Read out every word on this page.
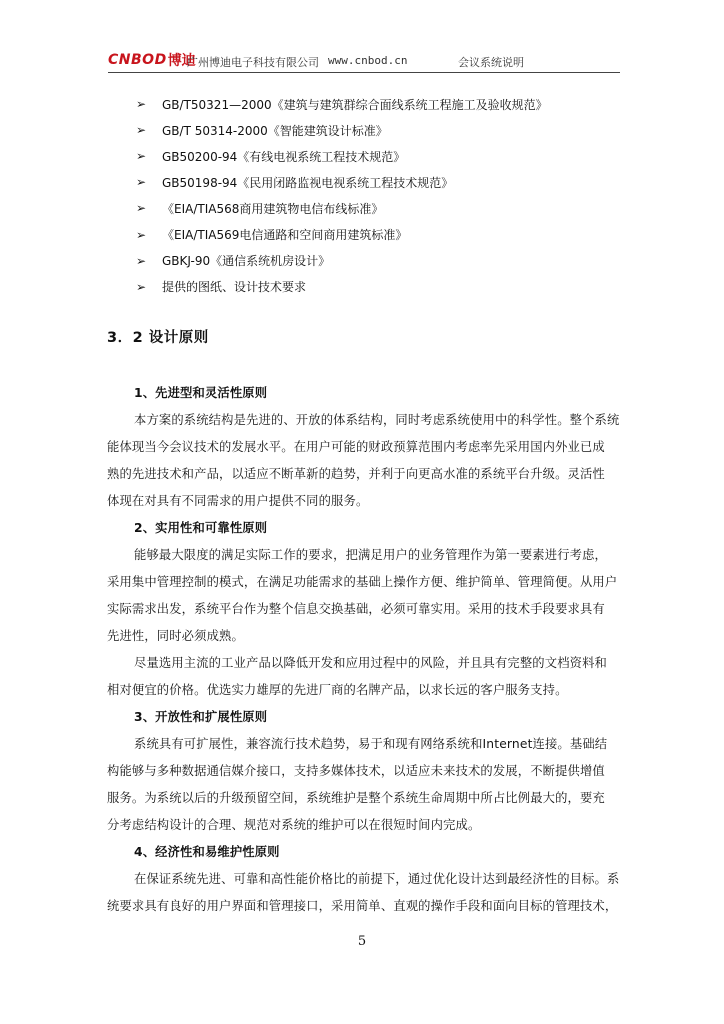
CNBOD 博迪
广州博迪电子科技有限公司 www.cnbod.cn	会议系统说明
➢	GB/T50321—2000《建筑与建筑群综合面线系统工程施工及验收规范》
➢	GB/T 50314-2000《智能建筑设计标准》
➢	GB50200-94《有线电视系统工程技术规范》
➢	GB50198-94《民用闭路监视电视系统工程技术规范》
➢	《EIA/TIA568商用建筑物电信布线标准》
➢	《EIA/TIA569电信通路和空间商用建筑标准》
➢	GBKJ-90《通信系统机房设计》
➢	提供的图纸、设计技术要求
3．2 设计原则
1、先进型和灵活性原则
本方案的系统结构是先进的、开放的体系结构，同时考虑系统使用中的科学性。整个系统
能体现当今会议技术的发展水平。在用户可能的财政预算范围内考虑率先采用国内外业已成
熟的先进技术和产品，以适应不断革新的趋势，并利于向更高水准的系统平台升级。灵活性
体现在对具有不同需求的用户提供不同的服务。
2、实用性和可靠性原则
能够最大限度的满足实际工作的要求，把满足用户的业务管理作为第一要素进行考虑，
采用集中管理控制的模式，在满足功能需求的基础上操作方便、维护简单、管理简便。从用户
实际需求出发，系统平台作为整个信息交换基础，必须可靠实用。采用的技术手段要求具有
先进性，同时必须成熟。
尽量选用主流的工业产品以降低开发和应用过程中的风险，并且具有完整的文档资料和
相对便宜的价格。优选实力雄厚的先进厂商的名牌产品，以求长远的客户服务支持。
3、开放性和扩展性原则
系统具有可扩展性，兼容流行技术趋势，易于和现有网络系统和Internet连接。基础结
构能够与多种数据通信媒介接口，支持多媒体技术，以适应未来技术的发展，不断提供增值
服务。为系统以后的升级预留空间，系统维护是整个系统生命周期中所占比例最大的，要充
分考虑结构设计的合理、规范对系统的维护可以在很短时间内完成。
4、经济性和易维护性原则
在保证系统先进、可靠和高性能价格比的前提下，通过优化设计达到最经济性的目标。系
统要求具有良好的用户界面和管理接口，采用简单、直观的操作手段和面向目标的管理技术，
5
